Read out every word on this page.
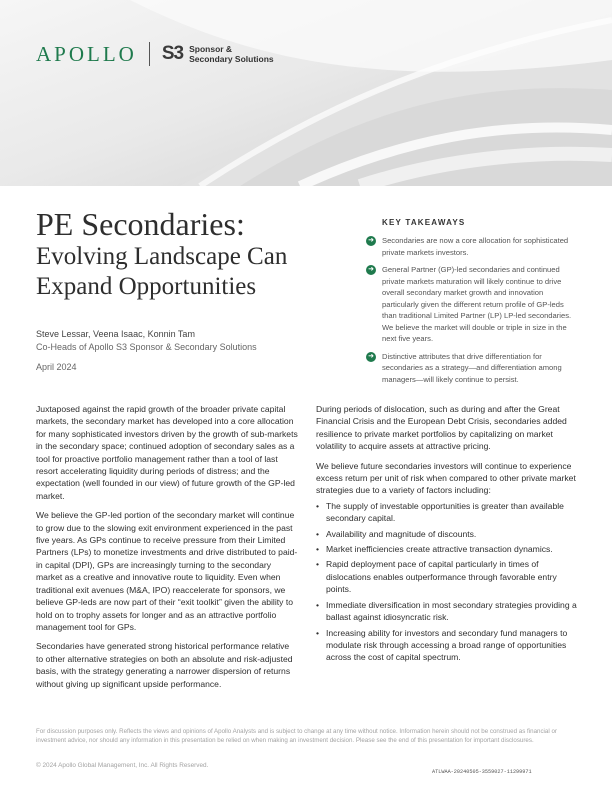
APOLLO S3 Sponsor &
Secondary Solutions
PE Secondaries:
Evolving Landscape Can
Expand Opportunities
Steve Lessar, Veena Isaac, Konnin Tam
Co-Heads of Apollo S3 Sponsor & Secondary Solutions
April 2024
KEY TAKEAWAYS
➜ Secondaries are now a core allocation for sophisticated private markets investors.
➜ General Partner (GP)-led secondaries and continued private markets maturation will likely continue to drive overall secondary market growth and innovation particularly given the different return profile of GP-leds than traditional Limited Partner (LP) LP-led secondaries. We believe the market will double or triple in size in the next five years.
➜ Distinctive attributes that drive differentiation for secondaries as a strategy—and differentiation among managers—will likely continue to persist.

Juxtaposed against the rapid growth of the broader private capital markets, the secondary market has developed into a core allocation for many sophisticated investors driven by the growth of sub-markets in the secondary space; continued adoption of secondary sales as a tool for proactive portfolio management rather than a tool of last resort accelerating liquidity during periods of distress; and the expectation (well founded in our view) of future growth of the GP-led market.

We believe the GP-led portion of the secondary market will continue to grow due to the slowing exit environment experienced in the past five years. As GPs continue to receive pressure from their Limited Partners (LPs) to monetize investments and drive distributed to paid-in capital (DPI), GPs are increasingly turning to the secondary market as a creative and innovative route to liquidity. Even when traditional exit avenues (M&A, IPO) reaccelerate for sponsors, we believe GP-leds are now part of their “exit toolkit” given the ability to hold on to trophy assets for longer and as an attractive portfolio management tool for GPs.

Secondaries have generated strong historical performance relative to other alternative strategies on both an absolute and risk-adjusted basis, with the strategy generating a narrower dispersion of returns without giving up significant upside performance.

During periods of dislocation, such as during and after the Great Financial Crisis and the European Debt Crisis, secondaries added resilience to private market portfolios by capitalizing on market volatility to acquire assets at attractive pricing.

We believe future secondaries investors will continue to experience excess return per unit of risk when compared to other private market strategies due to a variety of factors including:

• The supply of investable opportunities is greater than available secondary capital.
• Availability and magnitude of discounts.
• Market inefficiencies create attractive transaction dynamics.
• Rapid deployment pace of capital particularly in times of dislocations enables outperformance through favorable entry points.
• Immediate diversification in most secondary strategies providing a ballast against idiosyncratic risk.
• Increasing ability for investors and secondary fund managers to modulate risk through accessing a broad range of opportunities across the cost of capital spectrum.
For discussion purposes only. Reflects the views and opinions of Apollo Analysts and is subject to change at any time without notice. Information herein should not be construed as financial or investment advice, nor should any information in this presentation be relied on when making an investment decision. Please see the end of this presentation for important disclosures.
© 2024 Apollo Global Management, Inc. All Rights Reserved.
ATLWAA-20240505-3559027-11299971
